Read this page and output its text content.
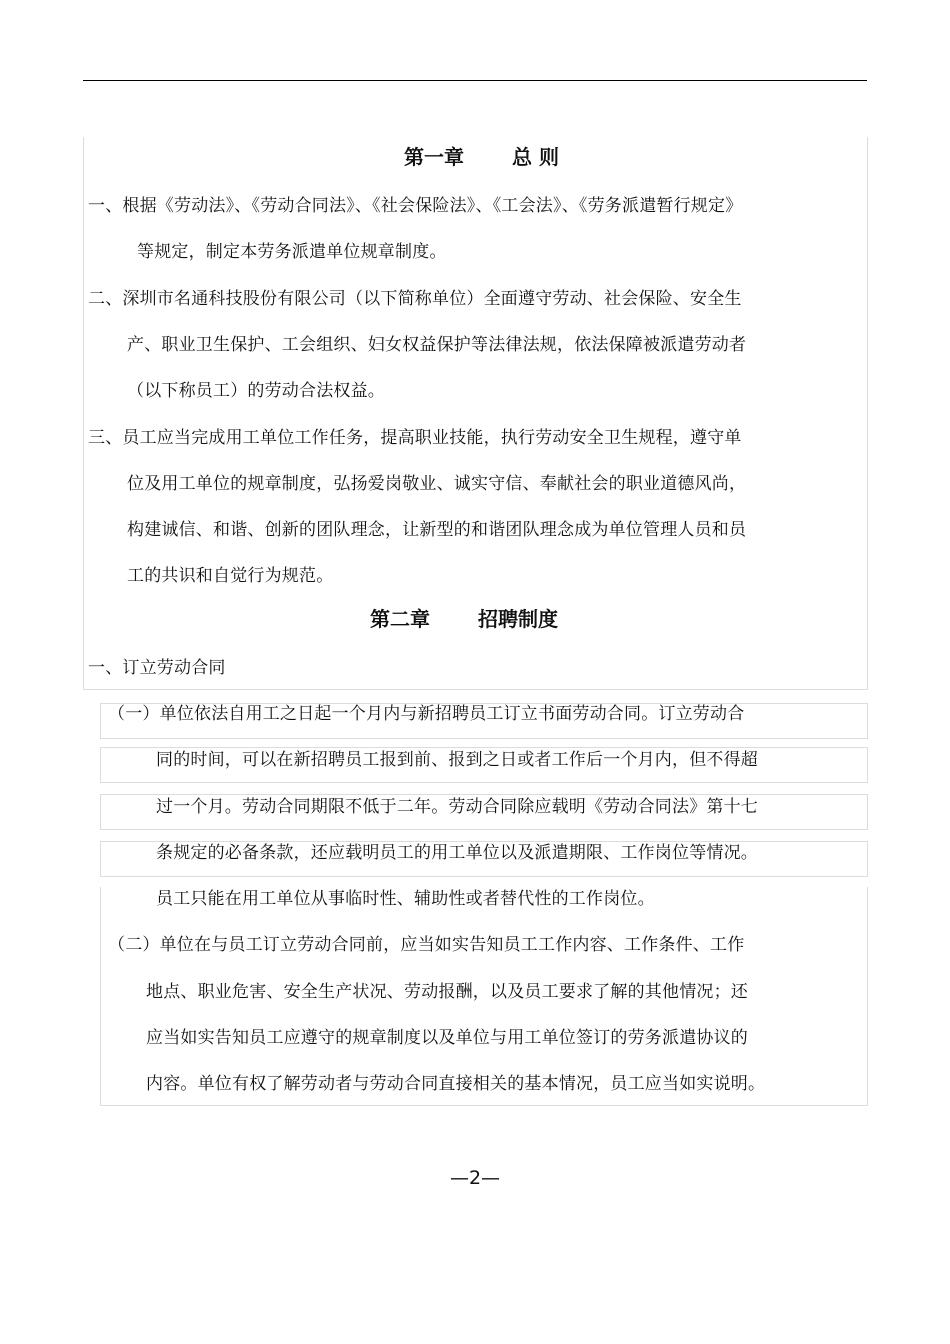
第一章 总 则
一、根据《劳动法》、《劳动合同法》、《社会保险法》、《工会法》、《劳务派遣暂行规定》
等规定，制定本劳务派遣单位规章制度。
二、深圳市名通科技股份有限公司（以下简称单位）全面遵守劳动、社会保险、安全生
产、职业卫生保护、工会组织、妇女权益保护等法律法规，依法保障被派遣劳动者
（以下称员工）的劳动合法权益。
三、员工应当完成用工单位工作任务，提高职业技能，执行劳动安全卫生规程，遵守单
位及用工单位的规章制度，弘扬爱岗敬业、诚实守信、奉献社会的职业道德风尚，
构建诚信、和谐、创新的团队理念，让新型的和谐团队理念成为单位管理人员和员
工的共识和自觉行为规范。
第二章 招聘制度
一、订立劳动合同
（一）单位依法自用工之日起一个月内与新招聘员工订立书面劳动合同。订立劳动合
同的时间，可以在新招聘员工报到前、报到之日或者工作后一个月内，但不得超
过一个月。劳动合同期限不低于二年。劳动合同除应载明《劳动合同法》第十七
条规定的必备条款，还应载明员工的用工单位以及派遣期限、工作岗位等情况。
员工只能在用工单位从事临时性、辅助性或者替代性的工作岗位。
（二）单位在与员工订立劳动合同前，应当如实告知员工工作内容、工作条件、工作
地点、职业危害、安全生产状况、劳动报酬，以及员工要求了解的其他情况；还
应当如实告知员工应遵守的规章制度以及单位与用工单位签订的劳务派遣协议的
内容。单位有权了解劳动者与劳动合同直接相关的基本情况，员工应当如实说明。
—2—
